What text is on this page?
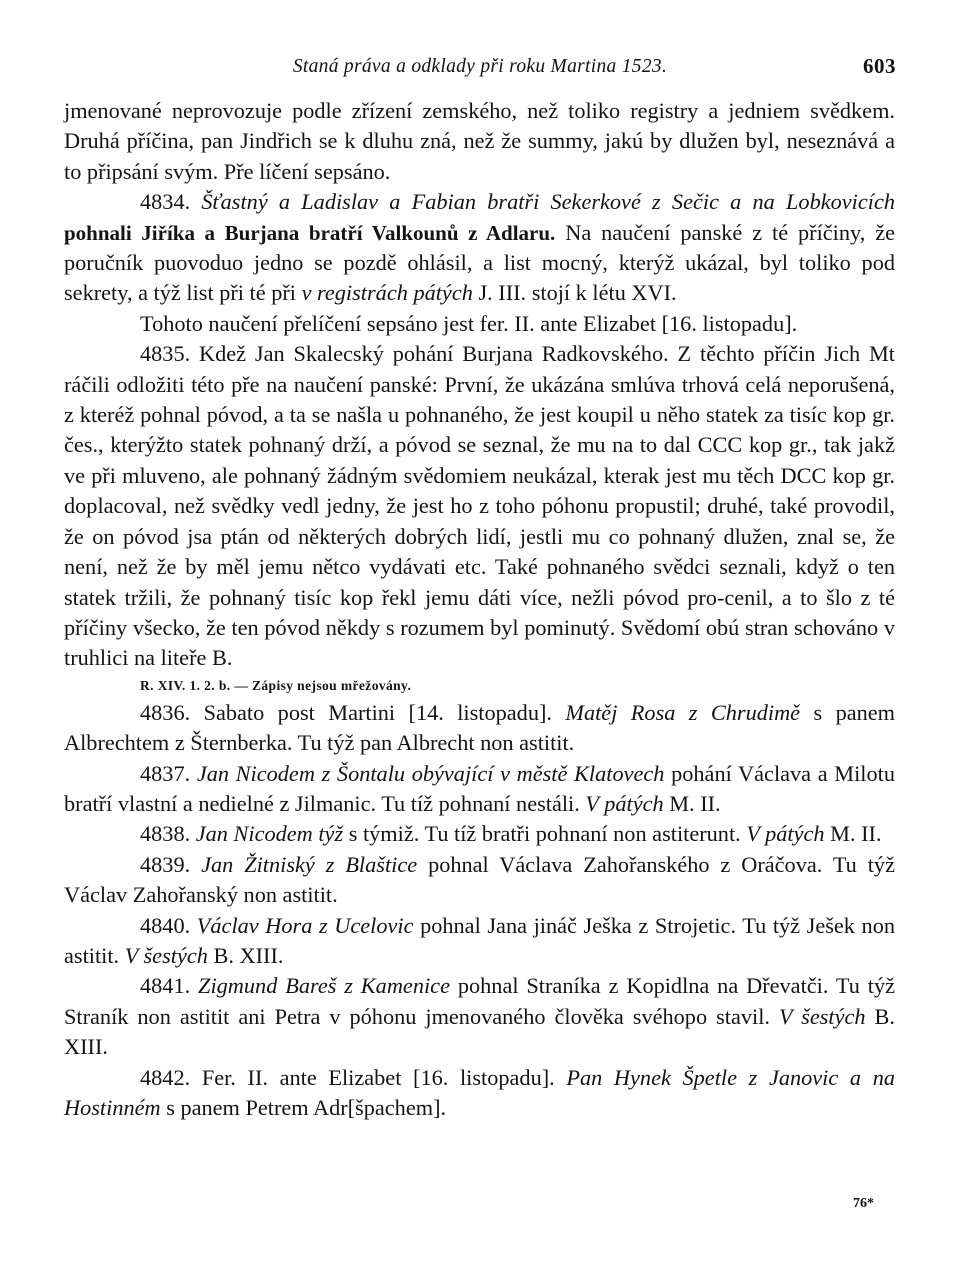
Staná práva a odklady při roku Martina 1523.	603

jmenované neprovozuje podle zřízení zemského, než toliko registry a jedniem svědkem. Druhá příčina, pan Jindřich se k dluhu zná, než že summy, jakú by dlužen byl, neseznává a to připsání svým. Pře líčení sepsáno.

4834. Šťastný a Ladislav a Fabian bratři Sekerkové z Sečic a na Lobkovicích pohnali Jiříka a Burjana bratří Valkounů z Adlaru. Na naučení panské z té příčiny, že poručník puovoduo jedno se pozdě ohlásil, a list mocný, kterýž ukázal, byl toliko pod sekrety, a týž list při té při v registrách pátých J. III. stojí k létu XVI.

Tohoto naučení přelíčení sepsáno jest fer. II. ante Elizabet [16. listopadu].

4835. Kdež Jan Skalecský pohání Burjana Radkovského. Z těchto příčin Jich Mt ráčili odložiti této pře na naučení panské: První, že ukázána smlúva trhová celá neporušená, z kteréž pohnal póvod, a ta se našla u pohnaného, že jest koupil u něho statek za tisíc kop gr. čes., kterýžto statek pohnaný drží, a póvod se seznal, že mu na to dal CCC kop gr., tak jakž ve při mluveno, ale pohnaný žádným svědomiem neukázal, kterak jest mu těch DCC kop gr. doplacoval, než svědky vedl jedny, že jest ho z toho póhonu propustil; druhé, také provodil, že on póvod jsa ptán od některých dobrých lidí, jestli mu co pohnaný dlužen, znal se, že není, než že by měl jemu nětco vydávati etc. Také pohnaného svědci seznali, když o ten statek tržili, že pohnaný tisíc kop řekl jemu dáti více, nežli póvod pro-cenil, a to šlo z té příčiny všecko, že ten póvod někdy s rozumem byl pominutý. Svědomí obú stran schováno v truhlici na liteře B.

R. XIV. 1. 2. b. — Zápisy nejsou mřežovány.

4836. Sabato post Martini [14. listopadu]. Matěj Rosa z Chrudimě s panem Albrechtem z Šternberka. Tu týž pan Albrecht non astitit.

4837. Jan Nicodem z Šontalu obývající v městě Klatovech pohání Václava a Milotu bratří vlastní a nedielné z Jilmanic. Tu tíž pohnaní nestáli. V pátých M. II.

4838. Jan Nicodem týž s týmiž. Tu tíž bratři pohnaní non astiterunt. V pátých M. II.

4839. Jan Žitniský z Blaštice pohnal Václava Zahořanského z Oráčova. Tu týž Václav Zahořanský non astitit.

4840. Václav Hora z Ucelovic pohnal Jana jináč Ješka z Strojetic. Tu týž Ješek non astitit. V šestých B. XIII.

4841. Zigmund Bareš z Kamenice pohnal Straníka z Kopidlna na Dřevatči. Tu týž Straník non astitit ani Petra v póhonu jmenovaného člověka svéhopo stavil. V šestých B. XIII.

4842. Fer. II. ante Elizabet [16. listopadu]. Pan Hynek Špetle z Janovic a na Hostinném s panem Petrem Adr[špachem].

76*
